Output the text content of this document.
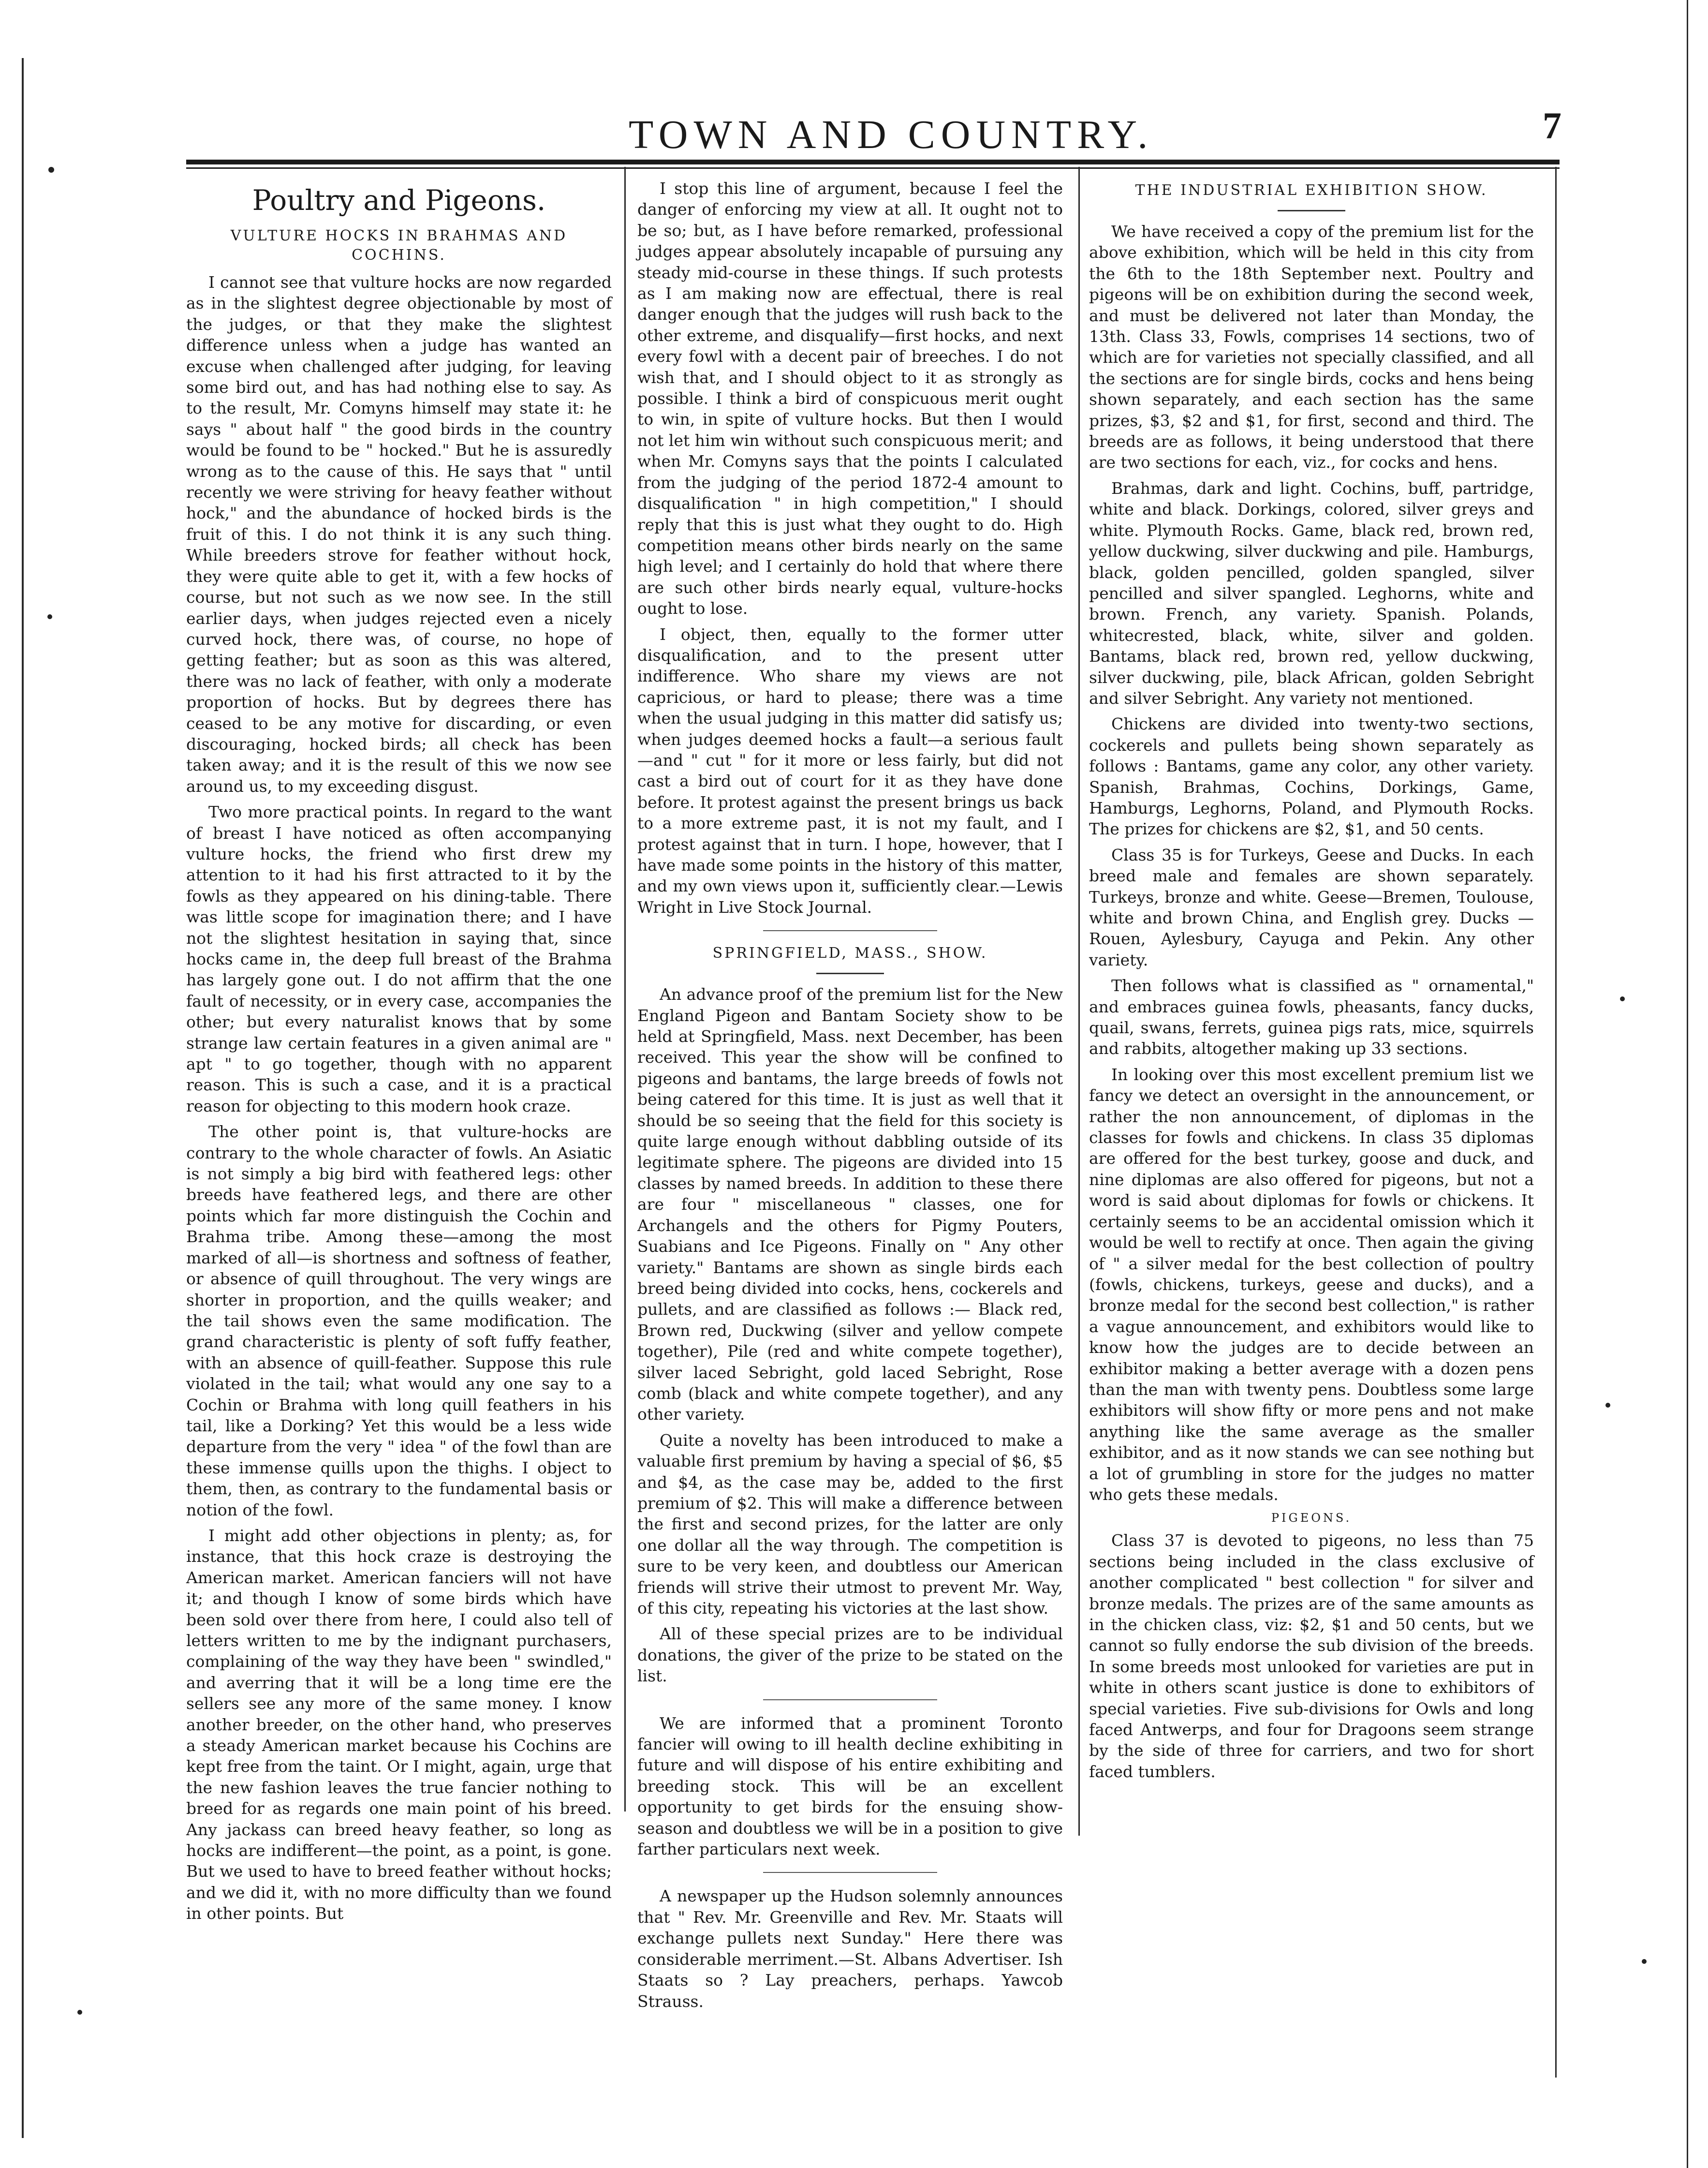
TOWN AND COUNTRY.	7
Poultry and Pigeons.
VULTURE HOCKS IN BRAHMAS AND COCHINS.

I cannot see that vulture hocks are now regarded as in the slightest degree objectionable by most of the judges, or that they make the slightest difference unless when a judge has wanted an excuse when challenged after judging, for leaving some bird out, and has had nothing else to say. As to the result, Mr. Comyns himself may state it: he says " about half " the good birds in the country would be found to be " hocked." But he is assuredly wrong as to the cause of this. He says that " until recently we were striving for heavy feather without hock," and the abundance of hocked birds is the fruit of this. I do not think it is any such thing. While breeders strove for feather without hock, they were quite able to get it, with a few hocks of course, but not such as we now see. In the still earlier days, when judges rejected even a nicely curved hock, there was, of course, no hope of getting feather; but as soon as this was altered, there was no lack of feather, with only a moderate proportion of hocks. But by degrees there has ceased to be any motive for discarding, or even discouraging, hocked birds; all check has been taken away; and it is the result of this we now see around us, to my exceeding disgust.

Two more practical points. In regard to the want of breast I have noticed as often accompanying vulture hocks, the friend who first drew my attention to it had his first attracted to it by the fowls as they appeared on his dining-table. There was little scope for imagination there; and I have not the slightest hesitation in saying that, since hocks came in, the deep full breast of the Brahma has largely gone out. I do not affirm that the one fault of necessity, or in every case, accompanies the other; but every naturalist knows that by some strange law certain features in a given animal are " apt " to go together, though with no apparent reason. This is such a case, and it is a practical reason for objecting to this modern hook craze.

The other point is, that vulture-hocks are contrary to the whole character of fowls. An Asiatic is not simply a big bird with feathered legs: other breeds have feathered legs, and there are other points which far more distinguish the Cochin and Brahma tribe. Among these—among the most marked of all—is shortness and softness of feather, or absence of quill throughout. The very wings are shorter in proportion, and the quills weaker; and the tail shows even the same modification. The grand characteristic is plenty of soft fuffy feather, with an absence of quill-feather. Suppose this rule violated in the tail; what would any one say to a Cochin or Brahma with long quill feathers in his tail, like a Dorking? Yet this would be a less wide departure from the very " idea " of the fowl than are these immense quills upon the thighs. I object to them, then, as contrary to the fundamental basis or notion of the fowl.

I might add other objections in plenty; as, for instance, that this hock craze is destroying the American market. American fanciers will not have it; and though I know of some birds which have been sold over there from here, I could also tell of letters written to me by the indignant purchasers, complaining of the way they have been " swindled," and averring that it will be a long time ere the sellers see any more of the same money. I know another breeder, on the other hand, who preserves a steady American market because his Cochins are kept free from the taint. Or I might, again, urge that the new fashion leaves the true fancier nothing to breed for as regards one main point of his breed. Any jackass can breed heavy feather, so long as hocks are indifferent—the point, as a point, is gone. But we used to have to breed feather without hocks; and we did it, with no more difficulty than we found in other points. But

I stop this line of argument, because I feel the danger of enforcing my view at all. It ought not to be so; but, as I have before remarked, professional judges appear absolutely incapable of pursuing any steady mid-course in these things. If such protests as I am making now are effectual, there is real danger enough that the judges will rush back to the other extreme, and disqualify—first hocks, and next every fowl with a decent pair of breeches. I do not wish that, and I should object to it as strongly as possible. I think a bird of conspicuous merit ought to win, in spite of vulture hocks. But then I would not let him win without such conspicuous merit; and when Mr. Comyns says that the points I calculated from the judging of the period 1872-4 amount to disqualification " in high competition," I should reply that this is just what they ought to do. High competition means other birds nearly on the same high level; and I certainly do hold that where there are such other birds nearly equal, vulture-hocks ought to lose.

I object, then, equally to the former utter disqualification, and to the present utter indifference. Who share my views are not capricious, or hard to please; there was a time when the usual judging in this matter did satisfy us; when judges deemed hocks a fault—a serious fault—and " cut " for it more or less fairly, but did not cast a bird out of court for it as they have done before. It protest against the present brings us back to a more extreme past, it is not my fault, and I protest against that in turn. I hope, however, that I have made some points in the history of this matter, and my own views upon it, sufficiently clear.—Lewis Wright in Live Stock Journal.

SPRINGFIELD, MASS., SHOW.

An advance proof of the premium list for the New England Pigeon and Bantam Society show to be held at Springfield, Mass. next December, has been received. This year the show will be confined to pigeons and bantams, the large breeds of fowls not being catered for this time. It is just as well that it should be so seeing that the field for this society is quite large enough without dabbling outside of its legitimate sphere. The pigeons are divided into 15 classes by named breeds. In addition to these there are four " miscellaneous " classes, one for Archangels and the others for Pigmy Pouters, Suabians and Ice Pigeons. Finally on " Any other variety." Bantams are shown as single birds each breed being divided into cocks, hens, cockerels and pullets, and are classified as follows :— Black red, Brown red, Duckwing (silver and yellow compete together), Pile (red and white compete together), silver laced Sebright, gold laced Sebright, Rose comb (black and white compete together), and any other variety.

Quite a novelty has been introduced to make a valuable first premium by having a special of $6, $5 and $4, as the case may be, added to the first premium of $2. This will make a difference between the first and second prizes, for the latter are only one dollar all the way through. The competition is sure to be very keen, and doubtless our American friends will strive their utmost to prevent Mr. Way, of this city, repeating his victories at the last show.

All of these special prizes are to be individual donations, the giver of the prize to be stated on the list.

We are informed that a prominent Toronto fancier will owing to ill health decline exhibiting in future and will dispose of his entire exhibiting and breeding stock. This will be an excellent opportunity to get birds for the ensuing show-season and doubtless we will be in a position to give farther particulars next week.

A newspaper up the Hudson solemnly announces that " Rev. Mr. Greenville and Rev. Mr. Staats will exchange pullets next Sunday." Here there was considerable merriment.—St. Albans Advertiser. Ish Staats so ? Lay preachers, perhaps. Yawcob Strauss.

THE INDUSTRIAL EXHIBITION SHOW.

We have received a copy of the premium list for the above exhibition, which will be held in this city from the 6th to the 18th September next. Poultry and pigeons will be on exhibition during the second week, and must be delivered not later than Monday, the 13th. Class 33, Fowls, comprises 14 sections, two of which are for varieties not specially classified, and all the sections are for single birds, cocks and hens being shown separately, and each section has the same prizes, $3, $2 and $1, for first, second and third. The breeds are as follows, it being understood that there are two sections for each, viz., for cocks and hens.

Brahmas, dark and light. Cochins, buff, partridge, white and black. Dorkings, colored, silver greys and white. Plymouth Rocks. Game, black red, brown red, yellow duckwing, silver duckwing and pile. Hamburgs, black, golden pencilled, golden spangled, silver pencilled and silver spangled. Leghorns, white and brown. French, any variety. Spanish. Polands, whitecrested, black, white, silver and golden. Bantams, black red, brown red, yellow duckwing, silver duckwing, pile, black African, golden Sebright and silver Sebright. Any variety not mentioned.

Chickens are divided into twenty-two sections, cockerels and pullets being shown separately as follows : Bantams, game any color, any other variety. Spanish, Brahmas, Cochins, Dorkings, Game, Hamburgs, Leghorns, Poland, and Plymouth Rocks. The prizes for chickens are $2, $1, and 50 cents.

Class 35 is for Turkeys, Geese and Ducks. In each breed male and females are shown separately. Turkeys, bronze and white. Geese—Bremen, Toulouse, white and brown China, and English grey. Ducks —Rouen, Aylesbury, Cayuga and Pekin. Any other variety.

Then follows what is classified as " ornamental," and embraces guinea fowls, pheasants, fancy ducks, quail, swans, ferrets, guinea pigs rats, mice, squirrels and rabbits, altogether making up 33 sections.

In looking over this most excellent premium list we fancy we detect an oversight in the announcement, or rather the non announcement, of diplomas in the classes for fowls and chickens. In class 35 diplomas are offered for the best turkey, goose and duck, and nine diplomas are also offered for pigeons, but not a word is said about diplomas for fowls or chickens. It certainly seems to be an accidental omission which it would be well to rectify at once. Then again the giving of " a silver medal for the best collection of poultry (fowls, chickens, turkeys, geese and ducks), and a bronze medal for the second best collection," is rather a vague announcement, and exhibitors would like to know how the judges are to decide between an exhibitor making a better average with a dozen pens than the man with twenty pens. Doubtless some large exhibitors will show fifty or more pens and not make anything like the same average as the smaller exhibitor, and as it now stands we can see nothing but a lot of grumbling in store for the judges no matter who gets these medals.

PIGEONS.

Class 37 is devoted to pigeons, no less than 75 sections being included in the class exclusive of another complicated " best collection " for silver and bronze medals. The prizes are of the same amounts as in the chicken class, viz: $2, $1 and 50 cents, but we cannot so fully endorse the sub division of the breeds. In some breeds most unlooked for varieties are put in white in others scant justice is done to exhibitors of special varieties. Five sub-divisions for Owls and long faced Antwerps, and four for Dragoons seem strange by the side of three for carriers, and two for short faced tumblers.
